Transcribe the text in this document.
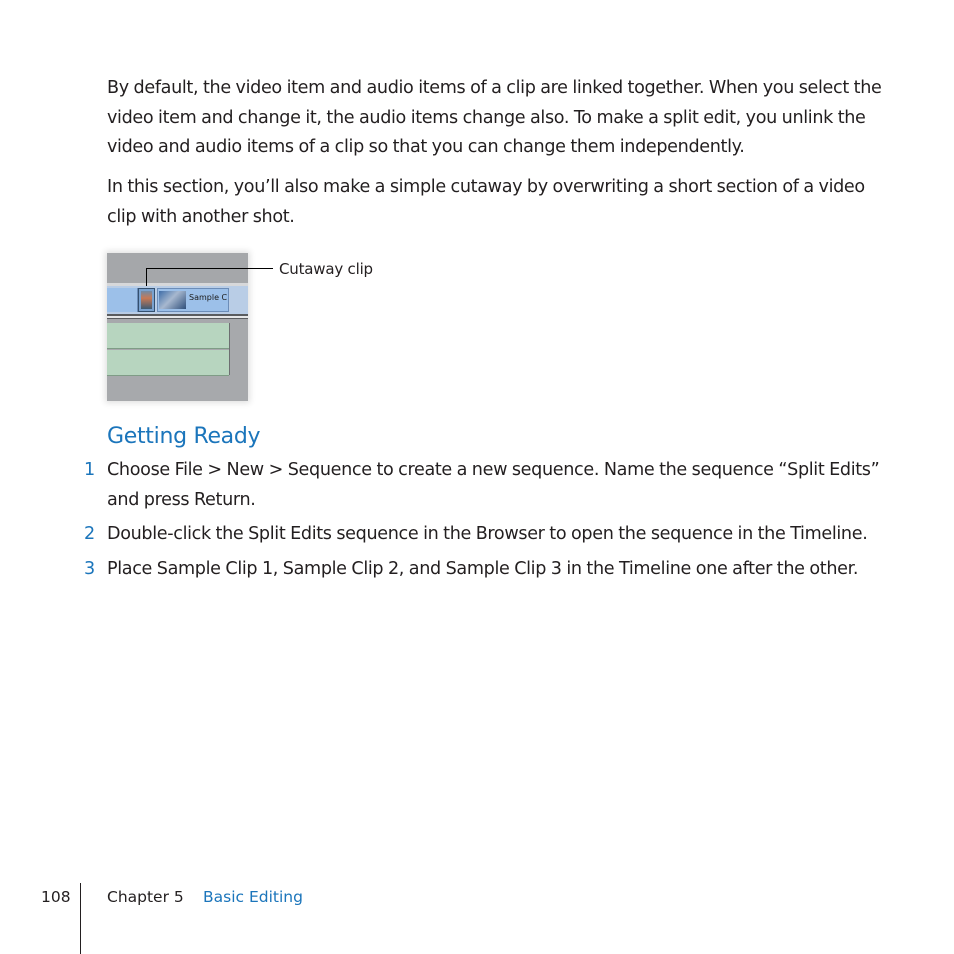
By default, the video item and audio items of a clip are linked together. When you select the video item and change it, the audio items change also. To make a split edit, you unlink the video and audio items of a clip so that you can change them independently.

In this section, you’ll also make a simple cutaway by overwriting a short section of a video clip with another shot.

Sample C
Cutaway clip
Getting Ready
1 Choose File > New > Sequence to create a new sequence. Name the sequence “Split Edits” and press Return.
2 Double-click the Split Edits sequence in the Browser to open the sequence in the Timeline.
3 Place Sample Clip 1, Sample Clip 2, and Sample Clip 3 in the Timeline one after the other.
108 Chapter 5 Basic Editing
